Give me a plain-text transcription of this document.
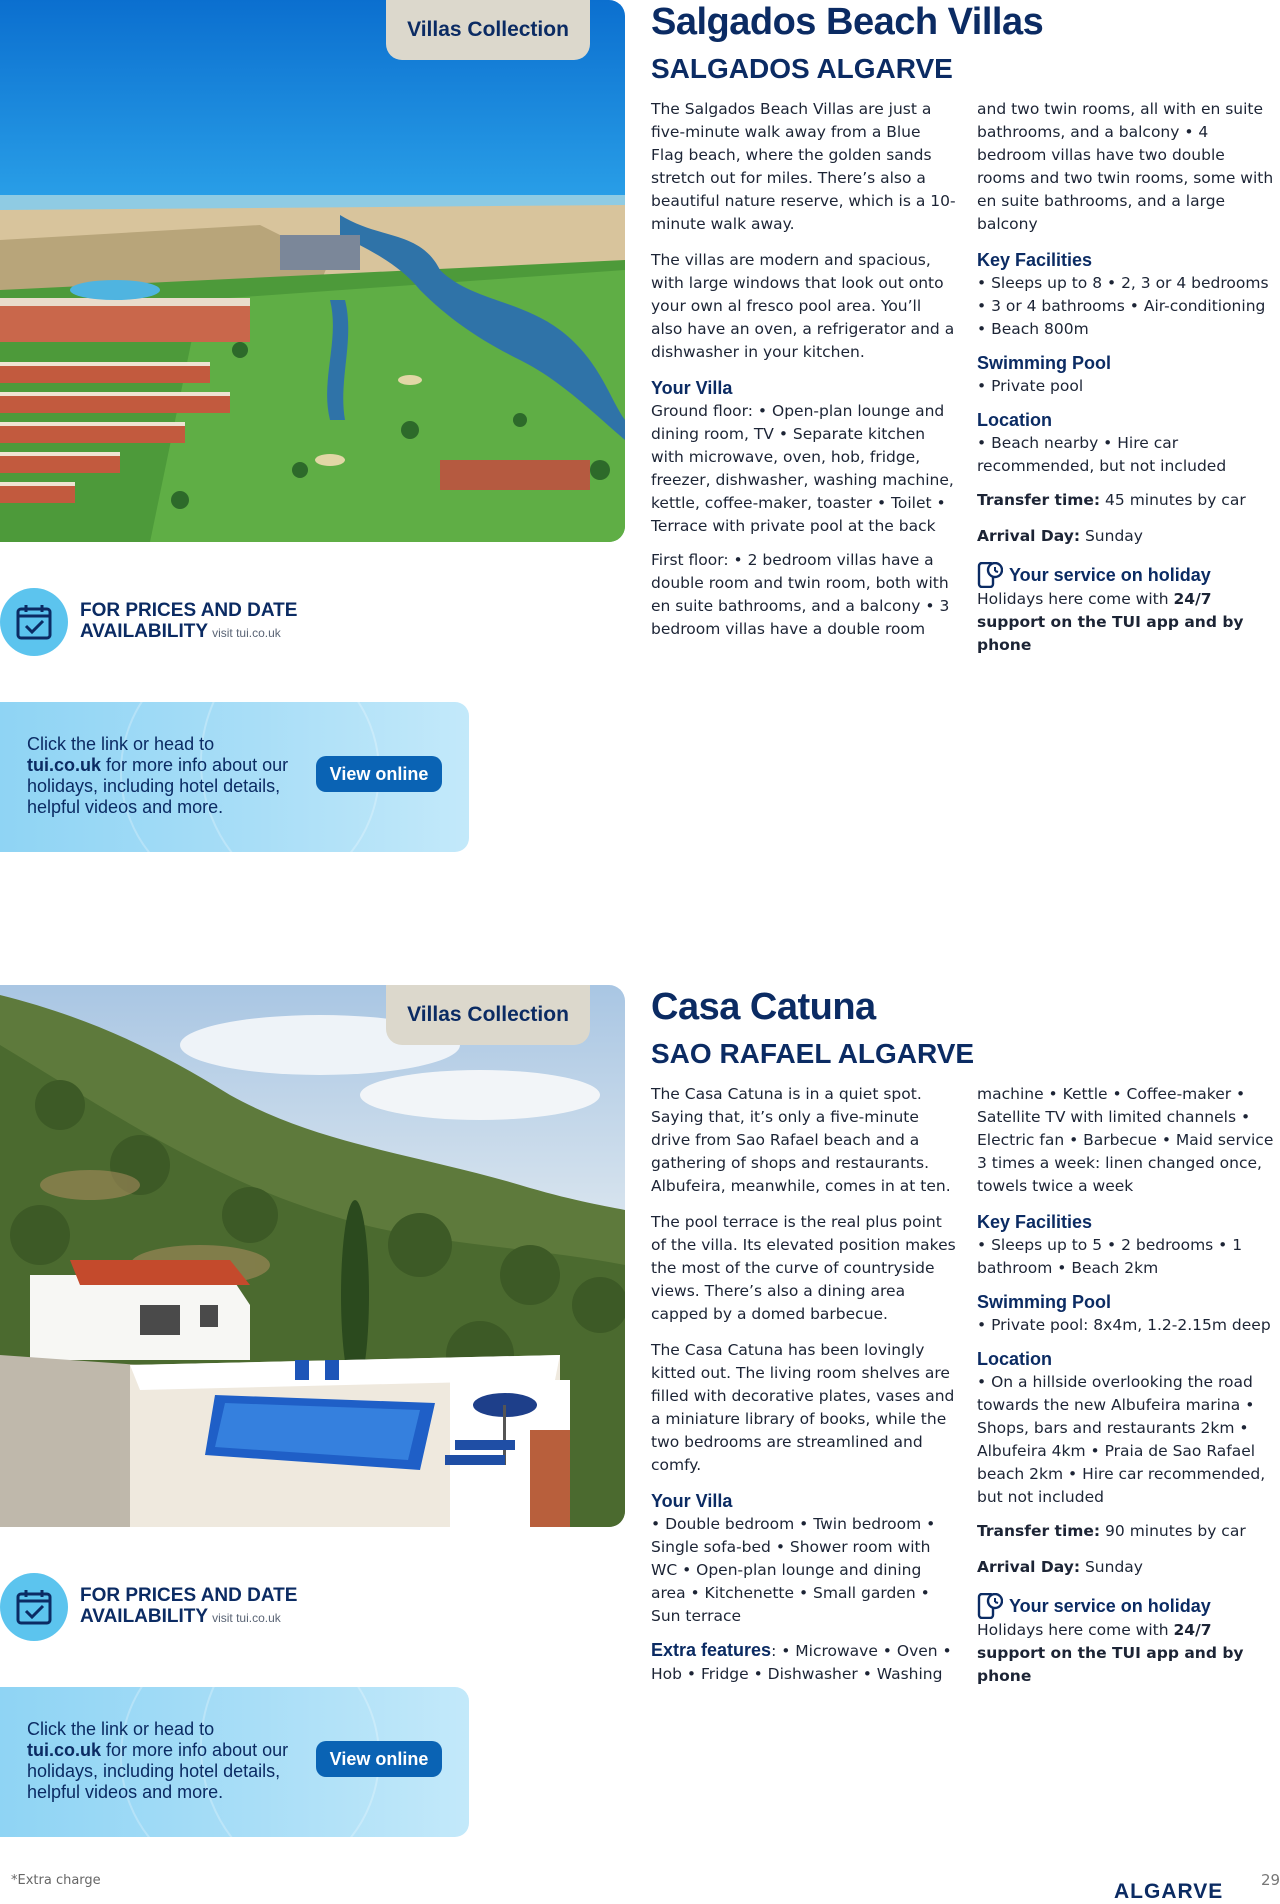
Villas Collection
FOR PRICES AND DATE
AVAILABILITY visit tui.co.uk
Click the link or head to
tui.co.uk for more info about our holidays, including hotel details, helpful videos and more.
View online
Salgados Beach Villas
SALGADOS ALGARVE

The Salgados Beach Villas are just a five-minute walk away from a Blue Flag beach, where the golden sands stretch out for miles. There’s also a beautiful nature reserve, which is a 10-minute walk away.

The villas are modern and spacious, with large windows that look out onto your own al fresco pool area. You’ll also have an oven, a refrigerator and a dishwasher in your kitchen.

Your Villa
Ground floor: • Open-plan lounge and dining room, TV • Separate kitchen with microwave, oven, hob, fridge, freezer, dishwasher, washing machine, kettle, coffee-maker, toaster • Toilet • Terrace with private pool at the back

First floor: • 2 bedroom villas have a double room and twin room, both with en suite bathrooms, and a balcony • 3 bedroom villas have a double room

and two twin rooms, all with en suite bathrooms, and a balcony • 4 bedroom villas have two double rooms and two twin rooms, some with en suite bathrooms, and a large balcony

Key Facilities
• Sleeps up to 8 • 2, 3 or 4 bedrooms • 3 or 4 bathrooms • Air-conditioning • Beach 800m
Swimming Pool
• Private pool
Location
• Beach nearby • Hire car recommended, but not included

Transfer time: 45 minutes by car

Arrival Day: Sunday

Your service on holiday
Holidays here come with 24/7 support on the TUI app and by phone
Villas Collection
FOR PRICES AND DATE
AVAILABILITY visit tui.co.uk
Click the link or head to
tui.co.uk for more info about our holidays, including hotel details, helpful videos and more.
View online
Casa Catuna
SAO RAFAEL ALGARVE

The Casa Catuna is in a quiet spot. Saying that, it’s only a five-minute drive from Sao Rafael beach and a gathering of shops and restaurants. Albufeira, meanwhile, comes in at ten.

The pool terrace is the real plus point of the villa. Its elevated position makes the most of the curve of countryside views. There’s also a dining area capped by a domed barbecue.

The Casa Catuna has been lovingly kitted out. The living room shelves are filled with decorative plates, vases and a miniature library of books, while the two bedrooms are streamlined and comfy.

Your Villa
• Double bedroom • Twin bedroom • Single sofa-bed • Shower room with WC • Open-plan lounge and dining area • Kitchenette • Small garden • Sun terrace
Extra features: • Microwave • Oven • Hob • Fridge • Dishwasher • Washing

machine • Kettle • Coffee-maker • Satellite TV with limited channels • Electric fan • Barbecue • Maid service 3 times a week: linen changed once, towels twice a week

Key Facilities
• Sleeps up to 5 • 2 bedrooms • 1 bathroom • Beach 2km
Swimming Pool
• Private pool: 8x4m, 1.2-2.15m deep
Location
• On a hillside overlooking the road towards the new Albufeira marina • Shops, bars and restaurants 2km • Albufeira 4km • Praia de Sao Rafael beach 2km • Hire car recommended, but not included

Transfer time: 90 minutes by car

Arrival Day: Sunday

Your service on holiday
Holidays here come with 24/7 support on the TUI app and by phone
*Extra charge	ALGARVE	29
